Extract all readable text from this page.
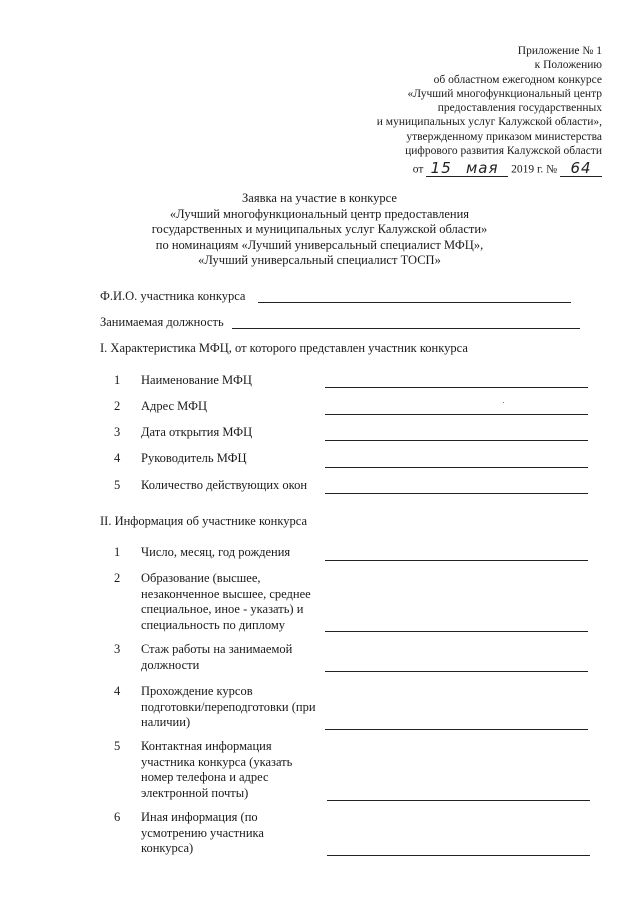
Приложение № 1
к Положению
об областном ежегодном конкурсе
«Лучший многофункциональный центр
предоставления государственных
и муниципальных услуг Калужской области»,
утвержденному приказом министерства
цифрового развития Калужской области
от 15 мая 2019 г. № 64
Заявка на участие в конкурсе
«Лучший многофункциональный центр предоставления
государственных и муниципальных услуг Калужской области»
по номинациям «Лучший универсальный специалист МФЦ»,
«Лучший универсальный специалист ТОСП»
Ф.И.О. участника конкурса
Занимаемая должность
I. Характеристика МФЦ, от которого представлен участник конкурса
1	Наименование МФЦ
2	Адрес МФЦ
3	Дата открытия МФЦ
4	Руководитель МФЦ
5	Количество действующих окон
II. Информация об участнике конкурса
1	Число, месяц, год рождения
2	Образование (высшее,
незаконченное высшее, среднее
специальное, иное - указать) и
специальность по диплому
3	Стаж работы на занимаемой
должности
4	Прохождение курсов
подготовки/переподготовки (при
наличии)
5	Контактная информация
участника конкурса (указать
номер телефона и адрес
электронной почты)
6	Иная информация (по
усмотрению участника
конкурса)
